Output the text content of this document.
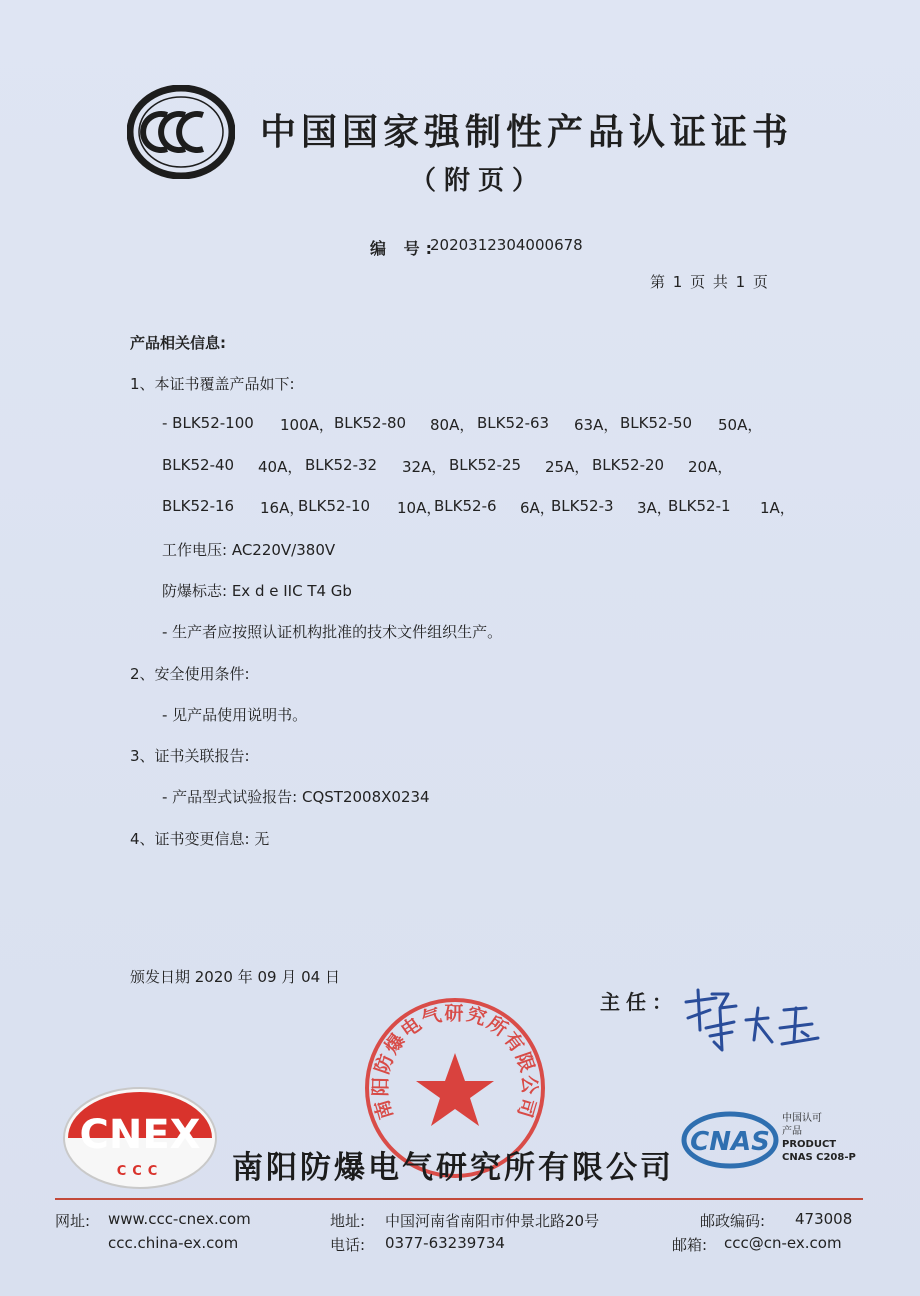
中国国家强制性产品认证证书
（附页）
编 号:
2020312304000678
第 1 页 共 1 页
产品相关信息:
1、本证书覆盖产品如下:
- BLK52-100 100A， BLK52-80 80A， BLK52-63 63A， BLK52-50 50A，
BLK52-40 40A， BLK52-32 32A， BLK52-25 25A， BLK52-20 20A，
BLK52-16 16A，
BLK52-10 10A，
BLK52-6 6A，
BLK52-3 3A，
BLK52-1 1A，
工作电压: AC220V/380V
防爆标志: Ex d e IIC T4 Gb
- 生产者应按照认证机构批准的技术文件组织生产。
2、安全使用条件:
- 见产品使用说明书。
3、证书关联报告:
- 产品型式试验报告: CQST2008X0234
4、证书变更信息: 无
颁发日期 2020 年 09 月 04 日
主任：
南阳防爆电气研究所有限公司
CNEX
CCC 南阳防爆电气研究所有限公司
CNAS
中国认可
产品
PRODUCT
CNAS C208-P
网址: www.ccc-cnex.com
ccc.china-ex.com
地址: 中国河南省南阳市仲景北路20号
电话: 0377-63239734
邮政编码: 473008
邮箱: ccc@cn-ex.com
